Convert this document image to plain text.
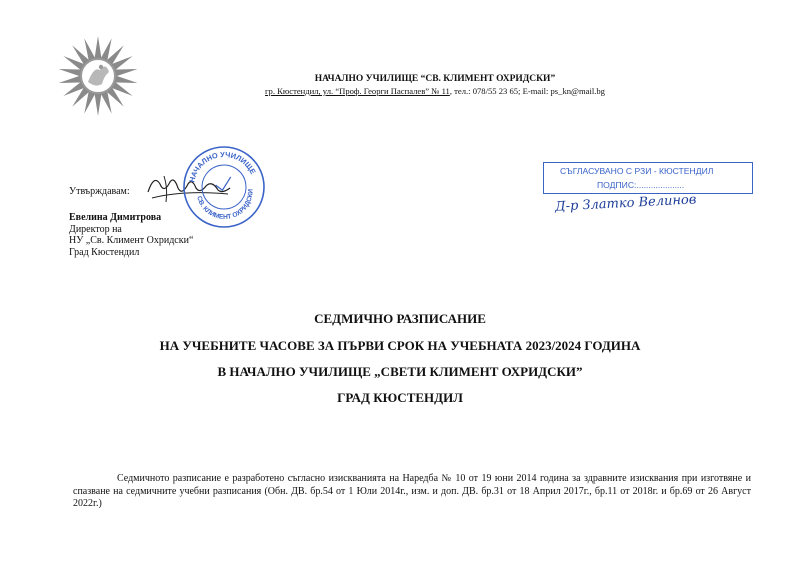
НАЧАЛНО УЧИЛИЩЕ “СВ. КЛИМЕНТ ОХРИДСКИ”
гр. Кюстендил, ул. “Проф. Георги Паспалев” № 11, тел.: 078/55 23 65; E-mail: ps_kn@mail.bg
Утвърждавам:
НАЧАЛНО УЧИЛИЩЕ
СВ. КЛИМЕНТ ОХРИДСКИ
Евелина Димитрова
Директор на
НУ „Св. Климент Охридски“
Град Кюстендил
СЪГЛАСУВАНО С РЗИ - КЮСТЕНДИЛ
ПОДПИС:....................
Д-р Златко Велинов
СЕДМИЧНО РАЗПИСАНИЕ
НА УЧЕБНИТЕ ЧАСОВЕ ЗА ПЪРВИ СРОК НА УЧЕБНАТА 2023/2024 ГОДИНА
В НАЧАЛНО УЧИЛИЩЕ „СВЕТИ КЛИМЕНТ ОХРИДСКИ”
ГРАД КЮСТЕНДИЛ
Седмичното разписание е разработено съгласно изискванията на Наредба № 10 от 19 юни 2014 година за здравните изисквания при изготвяне и спазване на седмичните учебни разписания (Обн. ДВ. бр.54 от 1 Юли 2014г., изм. и доп. ДВ. бр.31 от 18 Април 2017г., бр.11 от 2018г. и бр.69 от 26 Август 2022г.)
